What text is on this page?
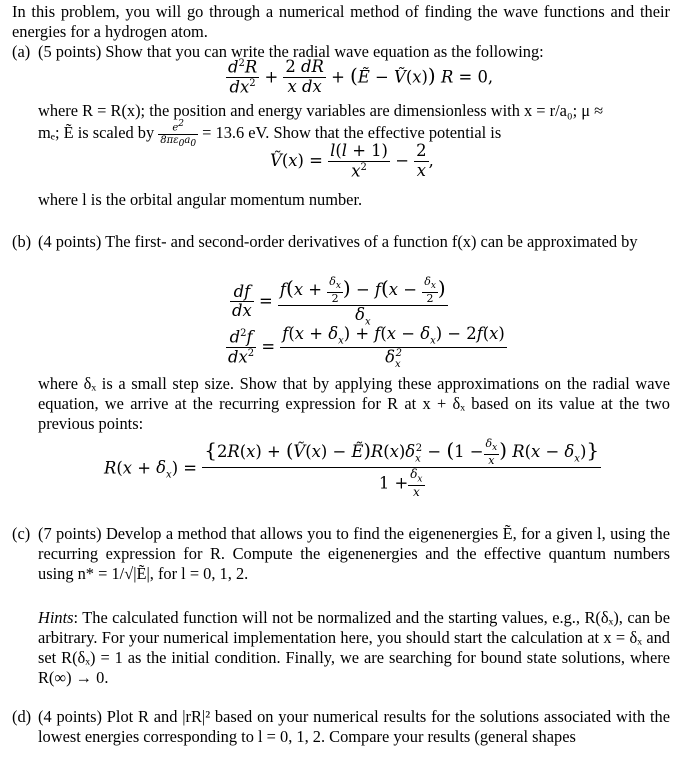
In this problem, you will go through a numerical method of finding the wave functions and their energies for a hydrogen atom.

(a) (5 points) Show that you can write the radial wave equation as the following:

$\frac{d^2R}{dx^2} + \frac{2 dR}{\text{x dx}}$ + (Ẽ − Ṽ(x)) R = 0,

where R = R(x); the position and energy variables are dimensionless with x = r/a₀; μ ≈

mₑ; Ẽ is scaled by $\frac{e^2}{8\pi\varepsilon_0a_0} = 13.6$ eV. Show that the effective potential is
Ṽ(x) = $\frac{l(l + 1)}{x^2} - \frac{2}{x}$ ,

where l is the orbital angular momentum number.

(b) (4 points) The first- and second-order derivatives of a function f(x) can be approximated by

$\frac{df}{dx} = \frac{f(x + \frac{\delta_x}{2} ) - f(x - \frac{\delta_x}{2} )}{\delta_x}$
$\frac{d^2f}{dx^2} = \frac{f(x + \delta_x) + f(x - \delta_x) - 2f(x)}{\delta_x^2}$

where δₓ is a small step size. Show that by applying these approximations on the radial wave equation, we arrive at the recurring expression for R at x + δₓ based on its value at the two previous points:

$R(x + \delta_x) = \frac{\{2R(x) + (Ṽ(x) - Ẽ)R(x)\delta_x^2 - (1 - \frac{\delta_x}{x} ) R(x - \delta_x)\}}{1 + \frac{\delta_x}{x}}$
(c) (7 points) Develop a method that allows you to find the eigenenergies Ẽ, for a given l, using the recurring expression for R. Compute the eigenenergies and the effective quantum numbers using n* = 1/√|Ẽ|, for l = 0, 1, 2.

Hints: The calculated function will not be normalized and the starting values, e.g., R(δₓ), can be arbitrary. For your numerical implementation here, you should start the calculation at x = δₓ and set R(δₓ) = 1 as the initial condition. Finally, we are searching for bound state solutions, where R(∞) → 0.

(d) (4 points) Plot R and |rR|² based on your numerical results for the solutions associated with the lowest energies corresponding to l = 0, 1, 2. Compare your results (general shapes
